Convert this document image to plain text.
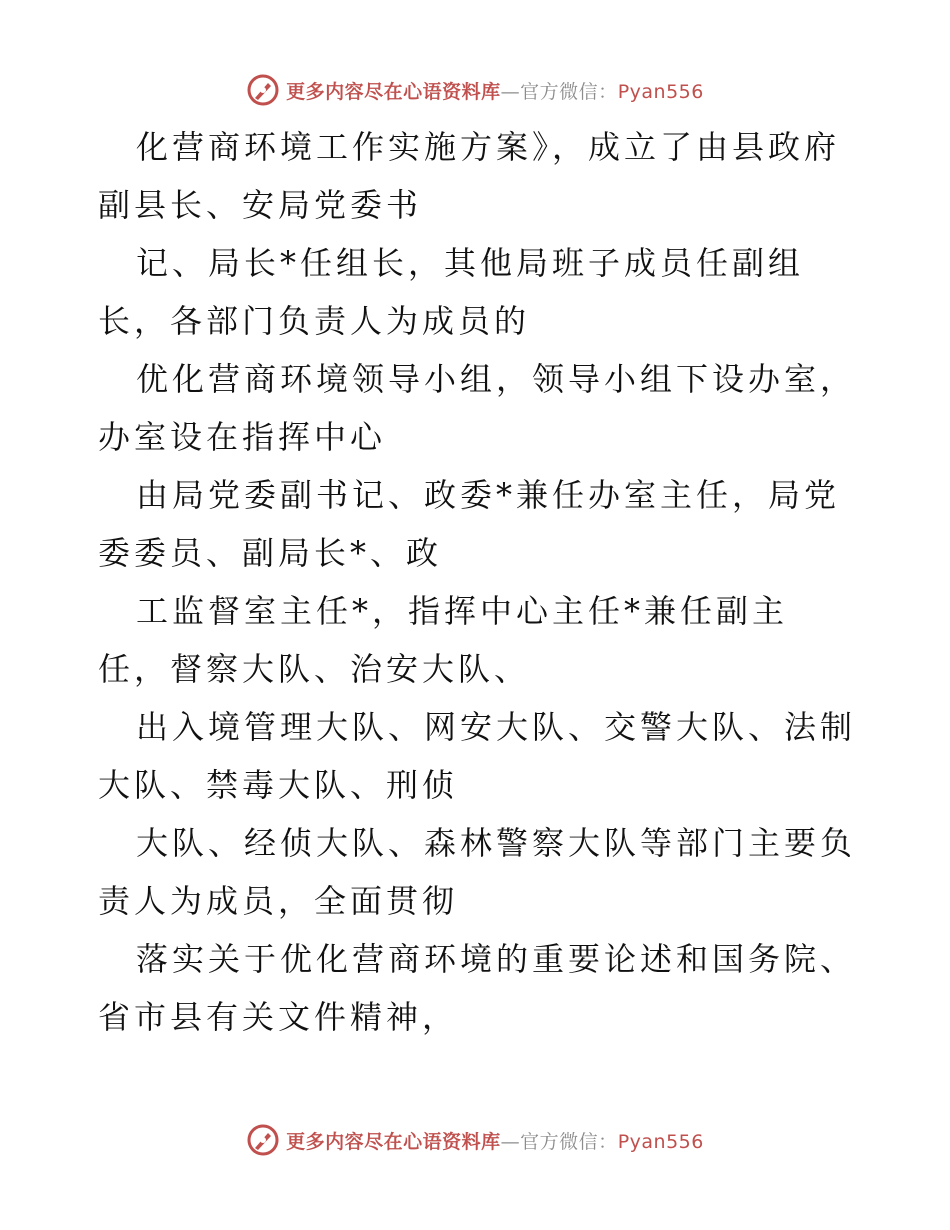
更多内容尽在心语资料库—官方微信：Pyan556

化营商环境工作实施方案》，成立了由县政府副县长、安局党委书

记、局长*任组长，其他局班子成员任副组长，各部门负责人为成员的

优化营商环境领导小组，领导小组下设办室，办室设在指挥中心

由局党委副书记、政委*兼任办室主任，局党委委员、副局长*、政

工监督室主任*，指挥中心主任*兼任副主任，督察大队、治安大队、

出入境管理大队、网安大队、交警大队、法制大队、禁毒大队、刑侦

大队、经侦大队、森林警察大队等部门主要负责人为成员，全面贯彻

落实关于优化营商环境的重要论述和国务院、省市县有关文件精神，

更多内容尽在心语资料库—官方微信：Pyan556
